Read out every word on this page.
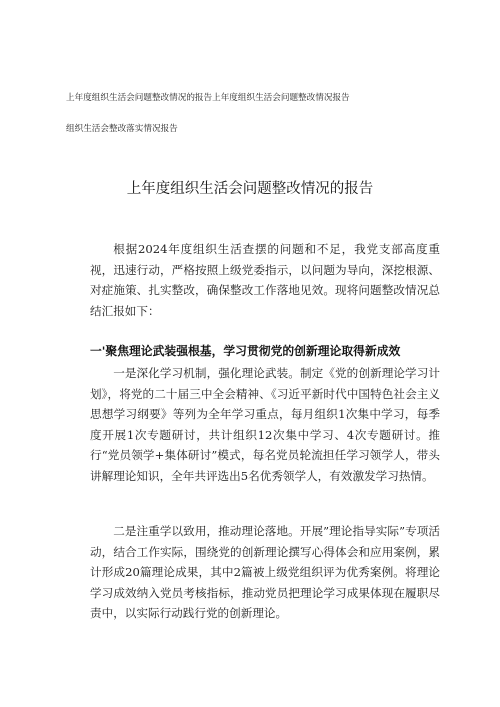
上年度组织生活会问题整改情况的报告上年度组织生活会问题整改情况报告
组织生活会整改落实情况报告
上年度组织生活会问题整改情况的报告
根据2024年度组织生活查摆的问题和不足，我党支部高度重视，迅速行动，严格按照上级党委指示，以问题为导向，深挖根源、对症施策、扎实整改，确保整改工作落地见效。现将问题整改情况总结汇报如下：
一'聚焦理论武装强根基，学习贯彻党的创新理论取得新成效
一是深化学习机制，强化理论武装。制定《党的创新理论学习计划》，将党的二十届三中全会精神、《习近平新时代中国特色社会主义思想学习纲要》等列为全年学习重点，每月组织1次集中学习，每季度开展1次专题研讨，共计组织12次集中学习、4次专题研讨。推行“党员领学+集体研讨”模式，每名党员轮流担任学习领学人，带头讲解理论知识，全年共评选出5名优秀领学人，有效激发学习热情。
二是注重学以致用，推动理论落地。开展”理论指导实际”专项活动，结合工作实际，围绕党的创新理论撰写心得体会和应用案例，累计形成20篇理论成果，其中2篇被上级党组织评为优秀案例。将理论学习成效纳入党员考核指标，推动党员把理论学习成果体现在履职尽责中，以实际行动践行党的创新理论。
